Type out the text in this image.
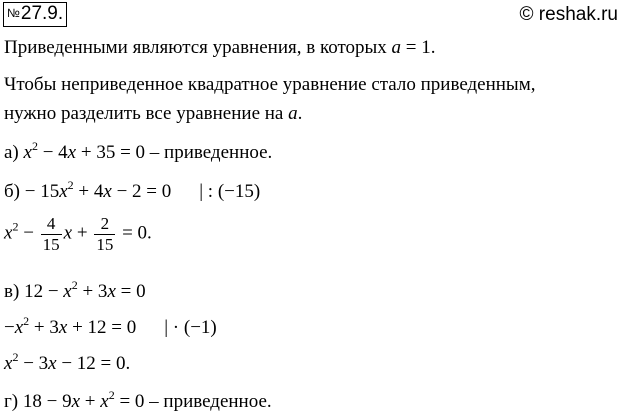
№27.9.	© reshak.ru
Приведенными являются уравнения, в которых a = 1.
Чтобы неприведенное квадратное уравнение стало приведенным,
нужно разделить все уравнение на a.
а) $x^2 - 4x + 35 = 0$ – приведенное.
$б) - 15x^2 + 4x - 2 = 0$ | : (−15)
$x^2 - \frac{4}{15}$ $x + \frac{2}{15} = 0$.
в) $12 - x^2 + 3x = 0$
$-x^2 + 3x + 12 = 0$ | · (−1)
$x^2 - 3x - 12 = 0$.
г) $18 - 9x + x^2 = 0$ – приведенное.
